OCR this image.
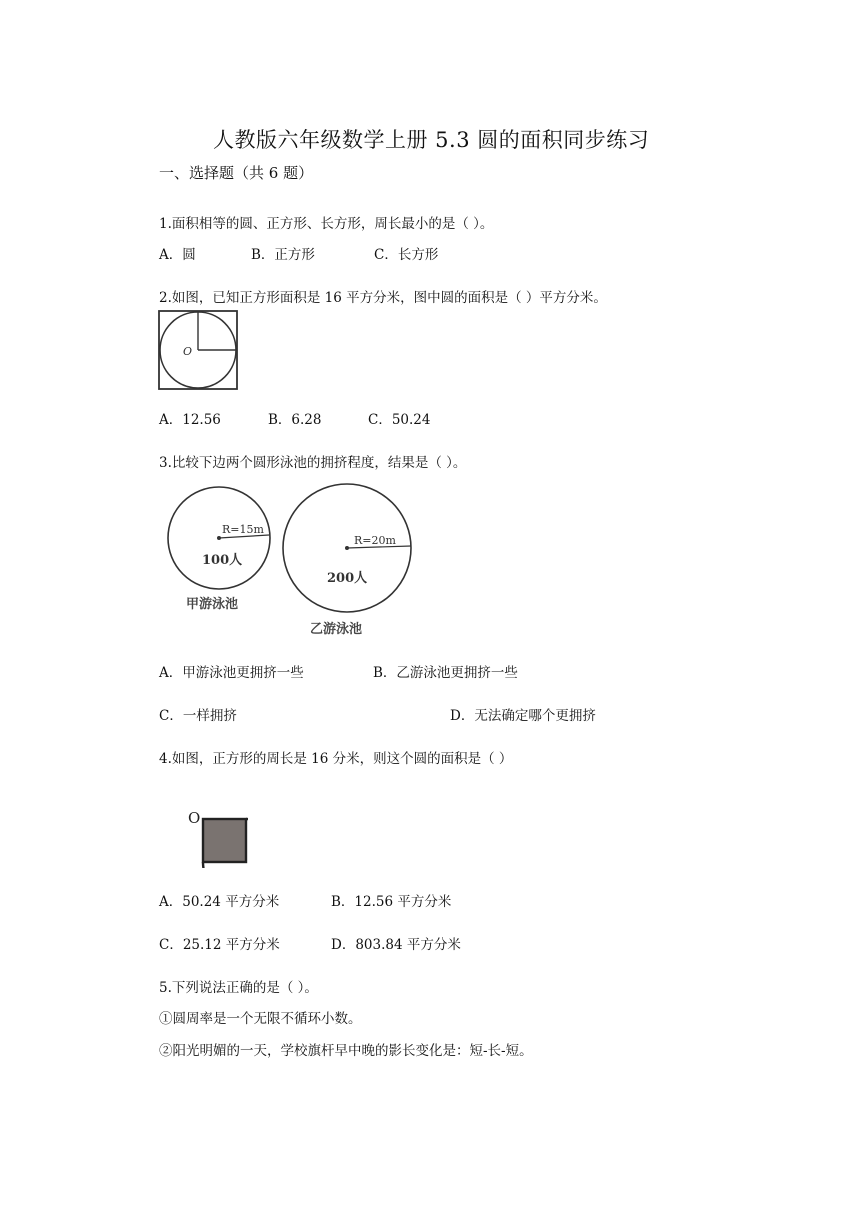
人教版六年级数学上册 5.3 圆的面积同步练习
一、选择题（共 6 题）
1.面积相等的圆、正方形、长方形，周长最小的是（ ）。
A．圆	B．正方形	C．长方形
2.如图，已知正方形面积是 16 平方分米，图中圆的面积是（ ）平方分米。
O
A．12.56	B．6.28	C．50.24
3.比较下边两个圆形泳池的拥挤程度，结果是（ ）。
R=15m
100人
甲游泳池
R=20m
200人
乙游泳池
A．甲游泳池更拥挤一些	B．乙游泳池更拥挤一些
C．一样拥挤	D．无法确定哪个更拥挤
4.如图，正方形的周长是 16 分米，则这个圆的面积是（ ）
O
A．50.24 平方分米	B．12.56 平方分米
C．25.12 平方分米	D．803.84 平方分米
5.下列说法正确的是（ ）。
①圆周率是一个无限不循环小数。
②阳光明媚的一天，学校旗杆早中晚的影长变化是：短-长-短。
